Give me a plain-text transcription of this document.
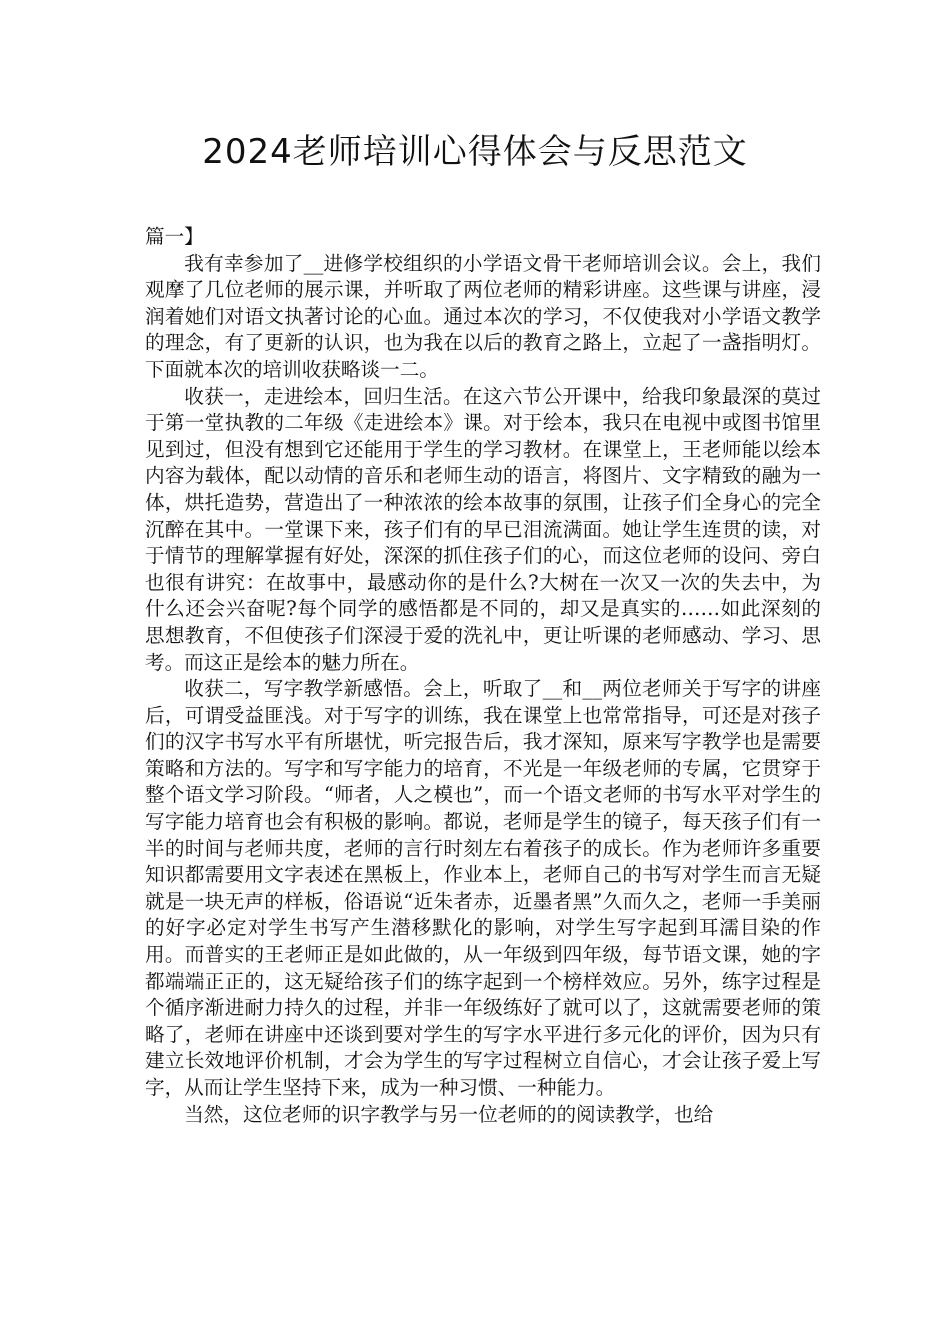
2024老师培训心得体会与反思范文

篇一】

我有幸参加了__进修学校组织的小学语文骨干老师培训会议。会上，我们观摩了几位老师的展示课，并听取了两位老师的精彩讲座。这些课与讲座，浸润着她们对语文执著讨论的心血。通过本次的学习，不仅使我对小学语文教学的理念，有了更新的认识，也为我在以后的教育之路上，立起了一盏指明灯。下面就本次的培训收获略谈一二。

收获一，走进绘本，回归生活。在这六节公开课中，给我印象最深的莫过于第一堂执教的二年级《走进绘本》课。对于绘本，我只在电视中或图书馆里见到过，但没有想到它还能用于学生的学习教材。在课堂上，王老师能以绘本内容为载体，配以动情的音乐和老师生动的语言，将图片、文字精致的融为一体，烘托造势，营造出了一种浓浓的绘本故事的氛围，让孩子们全身心的完全沉醉在其中。一堂课下来，孩子们有的早已泪流满面。她让学生连贯的读，对于情节的理解掌握有好处，深深的抓住孩子们的心，而这位老师的设问、旁白也很有讲究：在故事中，最感动你的是什么?大树在一次又一次的失去中，为什么还会兴奋呢?每个同学的感悟都是不同的，却又是真实的……如此深刻的思想教育，不但使孩子们深浸于爱的洗礼中，更让听课的老师感动、学习、思考。而这正是绘本的魅力所在。

收获二，写字教学新感悟。会上，听取了__和__两位老师关于写字的讲座后，可谓受益匪浅。对于写字的训练，我在课堂上也常常指导，可还是对孩子们的汉字书写水平有所堪忧，听完报告后，我才深知，原来写字教学也是需要策略和方法的。写字和写字能力的培育，不光是一年级老师的专属，它贯穿于整个语文学习阶段。“师者，人之模也”，而一个语文老师的书写水平对学生的写字能力培育也会有积极的影响。都说，老师是学生的镜子，每天孩子们有一半的时间与老师共度，老师的言行时刻左右着孩子的成长。作为老师许多重要知识都需要用文字表述在黑板上，作业本上，老师自己的书写对学生而言无疑就是一块无声的样板，俗语说“近朱者赤，近墨者黑”久而久之，老师一手美丽的好字必定对学生书写产生潜移默化的影响，对学生写字起到耳濡目染的作用。而普实的王老师正是如此做的，从一年级到四年级，每节语文课，她的字都端端正正的，这无疑给孩子们的练字起到一个榜样效应。另外，练字过程是个循序渐进耐力持久的过程，并非一年级练好了就可以了，这就需要老师的策略了，老师在讲座中还谈到要对学生的写字水平进行多元化的评价，因为只有建立长效地评价机制，才会为学生的写字过程树立自信心，才会让孩子爱上写字，从而让学生坚持下来，成为一种习惯、一种能力。

当然，这位老师的识字教学与另一位老师的的阅读教学，也给
